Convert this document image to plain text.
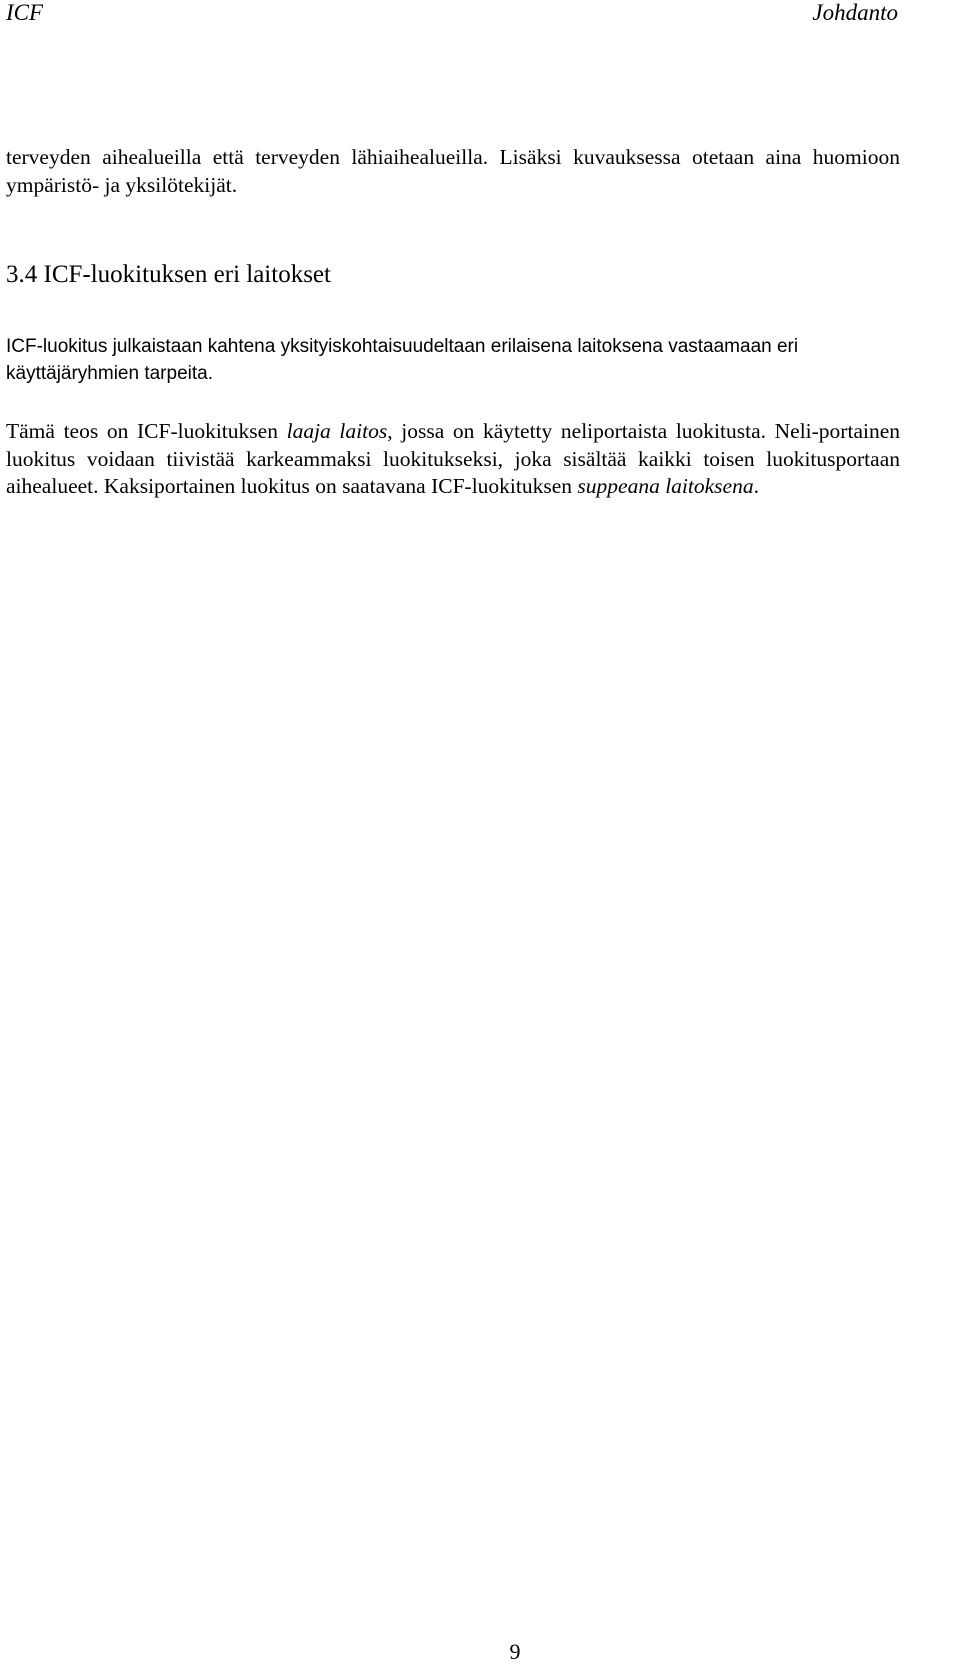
ICF	Johdanto

terveyden aihealueilla että terveyden lähiaihealueilla. Lisäksi kuvauksessa otetaan aina huomioon ympäristö- ja yksilötekijät.

3.4 ICF-luokituksen eri laitokset

ICF-luokitus julkaistaan kahtena yksityiskohtaisuudeltaan erilaisena laitoksena vastaamaan eri käyttäjäryhmien tarpeita.

Tämä teos on ICF-luokituksen laaja laitos, jossa on käytetty neliportaista luokitusta. Neli-portainen luokitus voidaan tiivistää karkeammaksi luokitukseksi, joka sisältää kaikki toisen luokitusportaan aihealueet. Kaksiportainen luokitus on saatavana ICF-luokituksen suppeana laitoksena.

9
